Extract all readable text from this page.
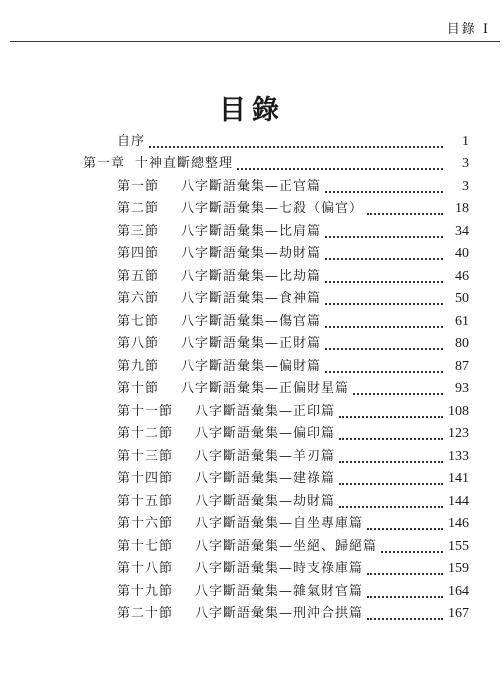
目錄 I
目錄
自序	1
第一章 十神直斷總整理	3
第一節 八字斷語彙集—正官篇	3
第二節 八字斷語彙集—七殺（偏官）	18
第三節 八字斷語彙集—比肩篇	34
第四節 八字斷語彙集—劫財篇	40
第五節 八字斷語彙集—比劫篇	46
第六節 八字斷語彙集—食神篇	50
第七節 八字斷語彙集—傷官篇	61
第八節 八字斷語彙集—正財篇	80
第九節 八字斷語彙集—偏財篇	87
第十節 八字斷語彙集—正偏財星篇	93
第十一節 八字斷語彙集—正印篇	108
第十二節 八字斷語彙集—偏印篇	123
第十三節 八字斷語彙集—羊刃篇	133
第十四節 八字斷語彙集—建祿篇	141
第十五節 八字斷語彙集—劫財篇	144
第十六節 八字斷語彙集—自坐專庫篇	146
第十七節 八字斷語彙集—坐絕、歸絕篇	155
第十八節 八字斷語彙集—時支祿庫篇	159
第十九節 八字斷語彙集—雜氣財官篇	164
第二十節 八字斷語彙集—刑沖合拱篇	167
